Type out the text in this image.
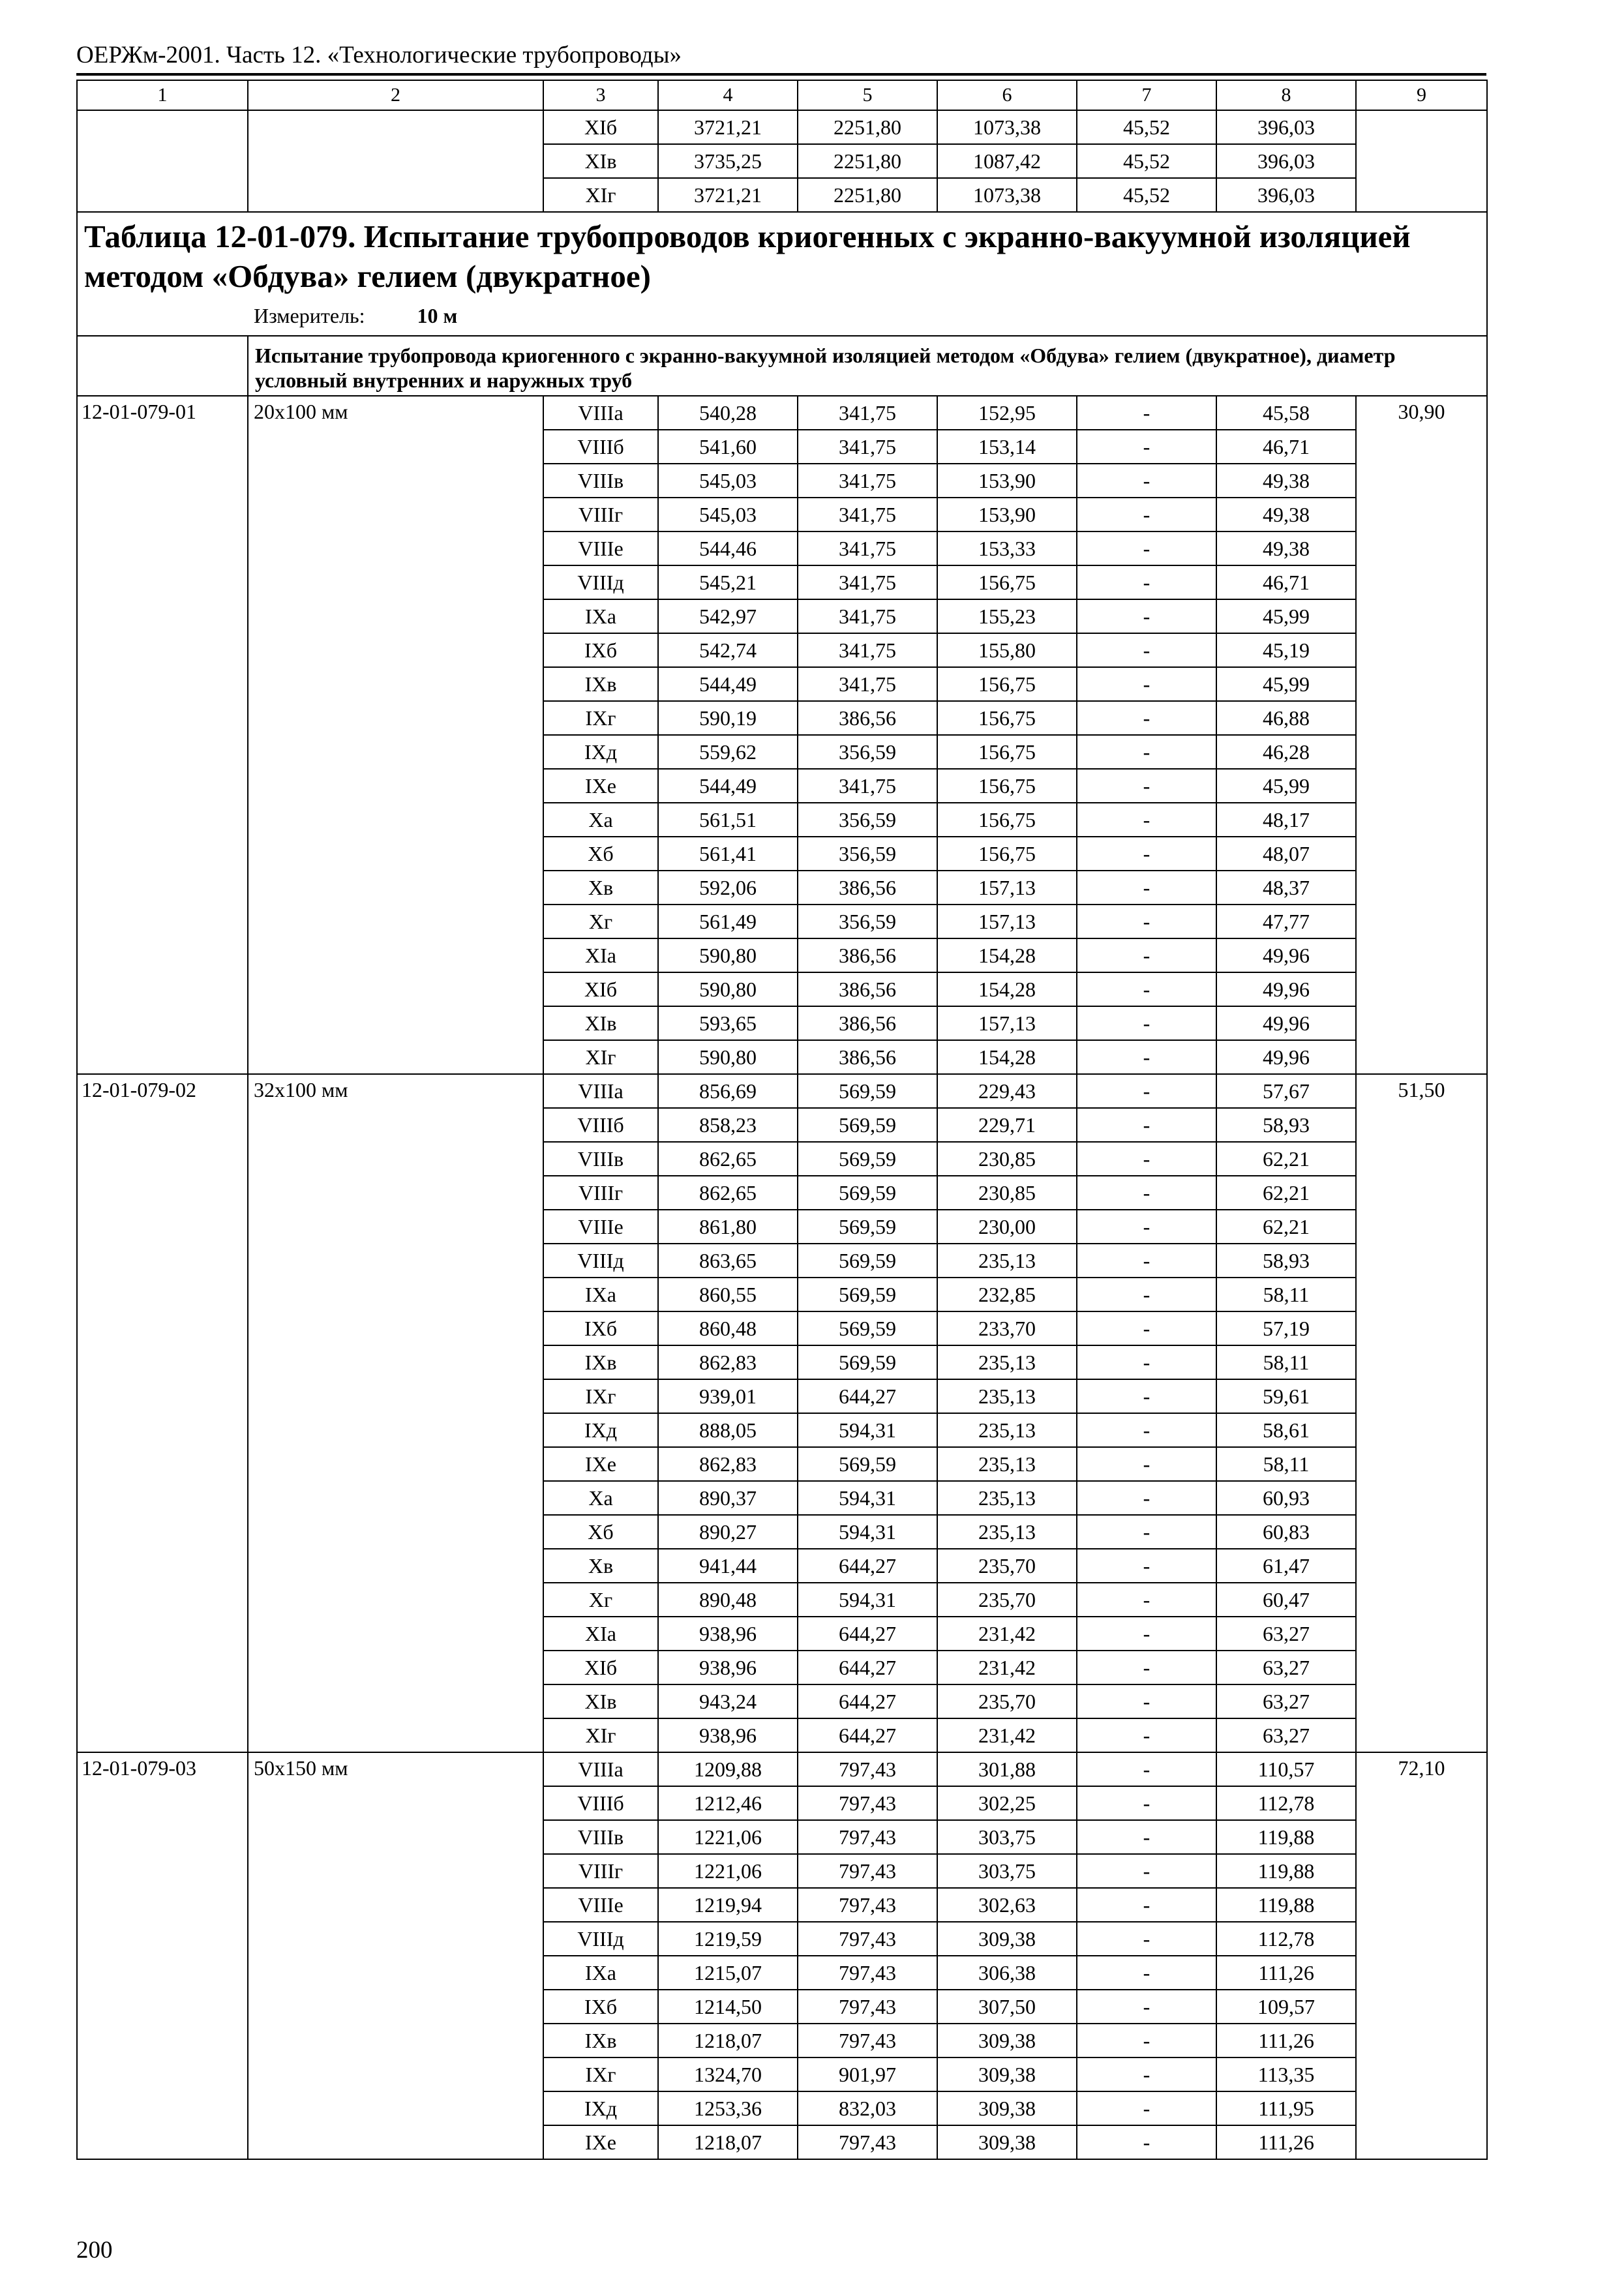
ОЕРЖм-2001. Часть 12. «Технологические трубопроводы»
1	2	3	4	5	6	7	8	9
		XIб	3721,21	2251,80	1073,38	45,52	396,03	
		XIв	3735,25	2251,80	1087,42	45,52	396,03	
		XIг	3721,21	2251,80	1073,38	45,52	396,03	

Таблица 12-01-079. Испытание трубопроводов криогенных с экранно-вакуумной изоляцией методом «Обдува» гелием (двукратное)
Измеритель: 10 м								

	Испытание трубопровода криогенного с экранно-вакуумной изоляцией методом «Обдува» гелием (двукратное), диаметр условный внутренних и наружных труб							
12-01-079-01	20х100 мм	VIIIа	540,28	341,75	152,95	-	45,58	30,90
		VIIIб	541,60	341,75	153,14	-	46,71	
		VIIIв	545,03	341,75	153,90	-	49,38	
		VIIIг	545,03	341,75	153,90	-	49,38	
		VIIIе	544,46	341,75	153,33	-	49,38	
		VIIIд	545,21	341,75	156,75	-	46,71	
		IXа	542,97	341,75	155,23	-	45,99	
		IXб	542,74	341,75	155,80	-	45,19	
		IXв	544,49	341,75	156,75	-	45,99	
		IXг	590,19	386,56	156,75	-	46,88	
		IXд	559,62	356,59	156,75	-	46,28	
		IXе	544,49	341,75	156,75	-	45,99	
		Xа	561,51	356,59	156,75	-	48,17	
		Xб	561,41	356,59	156,75	-	48,07	
		Xв	592,06	386,56	157,13	-	48,37	
		Xг	561,49	356,59	157,13	-	47,77	
		XIа	590,80	386,56	154,28	-	49,96	
		XIб	590,80	386,56	154,28	-	49,96	
		XIв	593,65	386,56	157,13	-	49,96	
		XIг	590,80	386,56	154,28	-	49,96	
12-01-079-02	32х100 мм	VIIIа	856,69	569,59	229,43	-	57,67	51,50
		VIIIб	858,23	569,59	229,71	-	58,93	
		VIIIв	862,65	569,59	230,85	-	62,21	
		VIIIг	862,65	569,59	230,85	-	62,21	
		VIIIе	861,80	569,59	230,00	-	62,21	
		VIIIд	863,65	569,59	235,13	-	58,93	
		IXа	860,55	569,59	232,85	-	58,11	
		IXб	860,48	569,59	233,70	-	57,19	
		IXв	862,83	569,59	235,13	-	58,11	
		IXг	939,01	644,27	235,13	-	59,61	
		IXд	888,05	594,31	235,13	-	58,61	
		IXе	862,83	569,59	235,13	-	58,11	
		Xа	890,37	594,31	235,13	-	60,93	
		Xб	890,27	594,31	235,13	-	60,83	
		Xв	941,44	644,27	235,70	-	61,47	
		Xг	890,48	594,31	235,70	-	60,47	
		XIа	938,96	644,27	231,42	-	63,27	
		XIб	938,96	644,27	231,42	-	63,27	
		XIв	943,24	644,27	235,70	-	63,27	
		XIг	938,96	644,27	231,42	-	63,27	
12-01-079-03	50х150 мм	VIIIа	1209,88	797,43	301,88	-	110,57	72,10
		VIIIб	1212,46	797,43	302,25	-	112,78	
		VIIIв	1221,06	797,43	303,75	-	119,88	
		VIIIг	1221,06	797,43	303,75	-	119,88	
		VIIIе	1219,94	797,43	302,63	-	119,88	
		VIIIд	1219,59	797,43	309,38	-	112,78	
		IXа	1215,07	797,43	306,38	-	111,26	
		IXб	1214,50	797,43	307,50	-	109,57	
		IXв	1218,07	797,43	309,38	-	111,26	
		IXг	1324,70	901,97	309,38	-	113,35	
		IXд	1253,36	832,03	309,38	-	111,95	
		IXе	1218,07	797,43	309,38	-	111,26	
200
